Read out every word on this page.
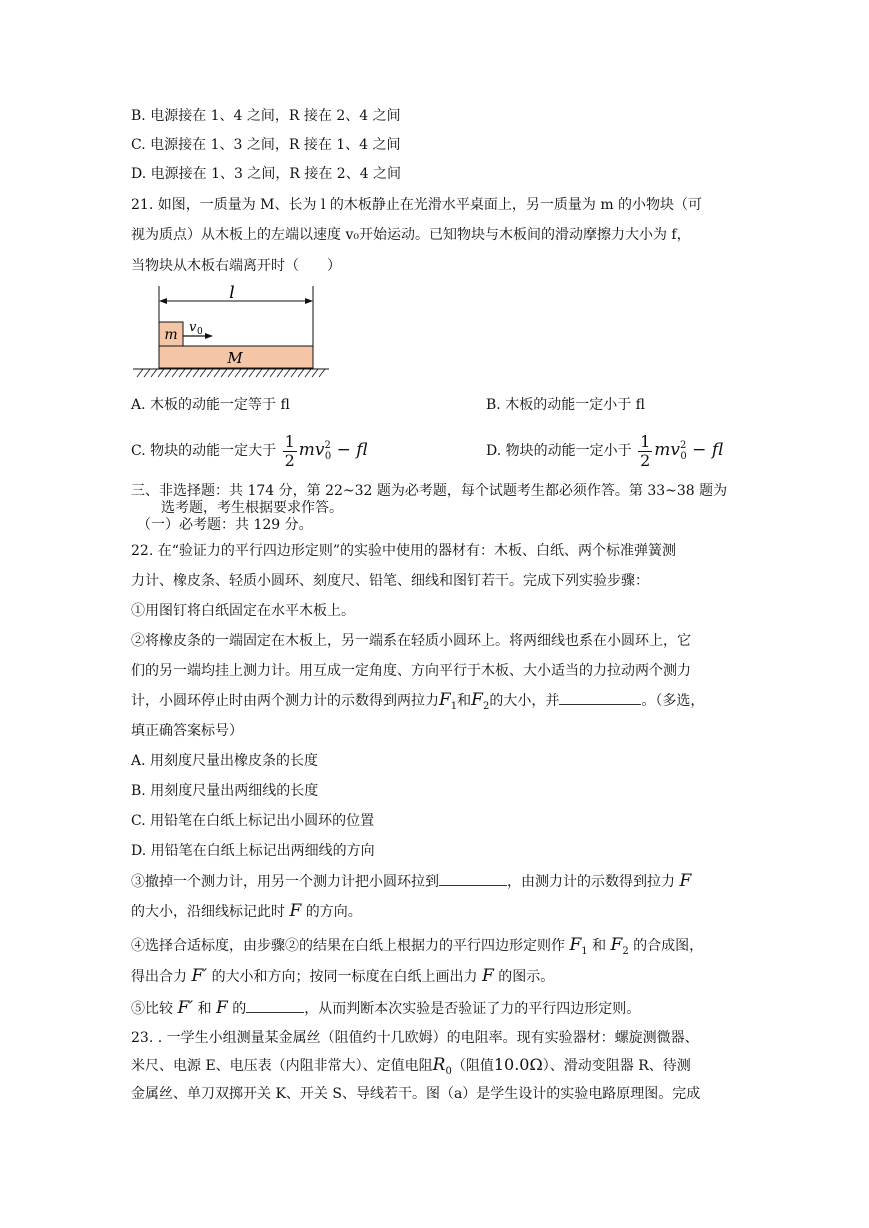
B. 电源接在 1、4 之间，R 接在 2、4 之间
C. 电源接在 1、3 之间，R 接在 1、4 之间
D. 电源接在 1、3 之间，R 接在 2、4 之间
21. 如图，一质量为 M、长为 l 的木板静止在光滑水平桌面上，另一质量为 m 的小物块（可
视为质点）从木板上的左端以速度 v₀开始运动。已知物块与木板间的滑动摩擦力大小为 f，
当物块从木板右端离开时（　　）
l
m v 0
M
A. 木板的动能一定等于 fl	B. 木板的动能一定小于 fl
C. 物块的动能一定大于 $\frac{1}{2} mv^2_0$ − fl	D. 物块的动能一定小于 $\frac{1}{2} mv^2_0$ − fl
三、非选择题：共 174 分，第 22~32 题为必考题，每个试题考生都必须作答。第 33~38 题为
选考题，考生根据要求作答。
（一）必考题：共 129 分。
22. 在“验证力的平行四边形定则”的实验中使用的器材有：木板、白纸、两个标准弹簧测
力计、橡皮条、轻质小圆环、刻度尺、铅笔、细线和图钉若干。完成下列实验步骤：
①用图钉将白纸固定在水平木板上。
②将橡皮条的一端固定在木板上，另一端系在轻质小圆环上。将两细线也系在小圆环上，它
们的另一端均挂上测力计。用互成一定角度、方向平行于木板、大小适当的力拉动两个测力
计，小圆环停止时由两个测力计的示数得到两拉力$F_1$和$F_2$的大小，并	。（多选，
填正确答案标号）
A. 用刻度尺量出橡皮条的长度
B. 用刻度尺量出两细线的长度
C. 用铅笔在白纸上标记出小圆环的位置
D. 用铅笔在白纸上标记出两细线的方向
③撤掉一个测力计，用另一个测力计把小圆环拉到	，由测力计的示数得到拉力 F
的大小，沿细线标记此时 F 的方向。
④选择合适标度，由步骤②的结果在白纸上根据力的平行四边形定则作 $F_1$ 和 $F_2$ 的合成图，
得出合力 F′ 的大小和方向；按同一标度在白纸上画出力 F 的图示。
⑤比较 F′ 和 F 的	，从而判断本次实验是否验证了力的平行四边形定则。
23. . 一学生小组测量某金属丝（阻值约十几欧姆）的电阻率。现有实验器材：螺旋测微器、
米尺、电源 E、电压表（内阻非常大）、定值电阻$R_0$（阻值10.0Ω）、滑动变阻器 R、待测
金属丝、单刀双掷开关 K、开关 S、导线若干。图（a）是学生设计的实验电路原理图。完成
